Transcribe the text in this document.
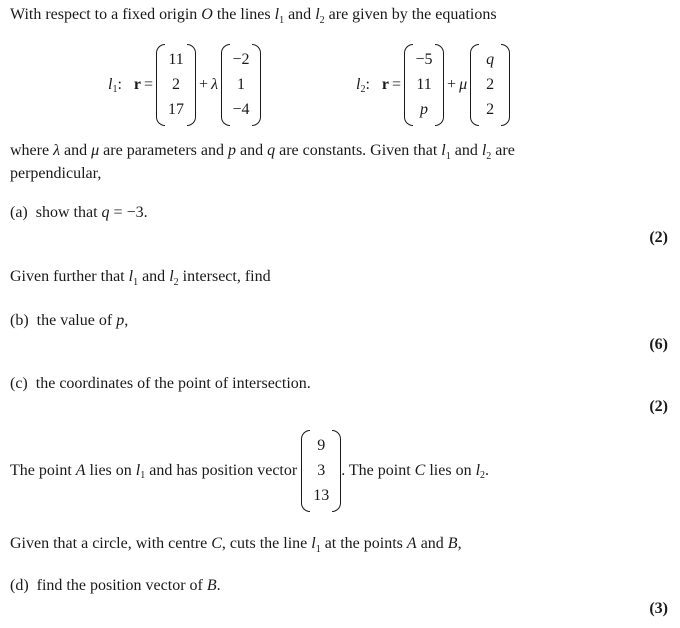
With respect to a fixed origin O the lines $l_1$ and $l_2$ are given by the equations
l 1 : r =
11
2
17
+ λ
−2
1
−4
l 2 : r =
−5
11
p
+ μ
q
2
2
where λ and μ are parameters and p and q are constants. Given that $l_1$ and $l_2$ are
perpendicular,
(a) show that q = −3.
(2)
Given further that $l_1$ and $l_2$ intersect, find
(b) the value of p,
(6)
(c) the coordinates of the point of intersection.
(2)
The point
A
lies on
l 1
and has position vector

9
3
13
. The point
C
lies on
l 2 .
Given that a circle, with centre C, cuts the line $l_1$ at the points A and B,
(d) find the position vector of B.
(3)
